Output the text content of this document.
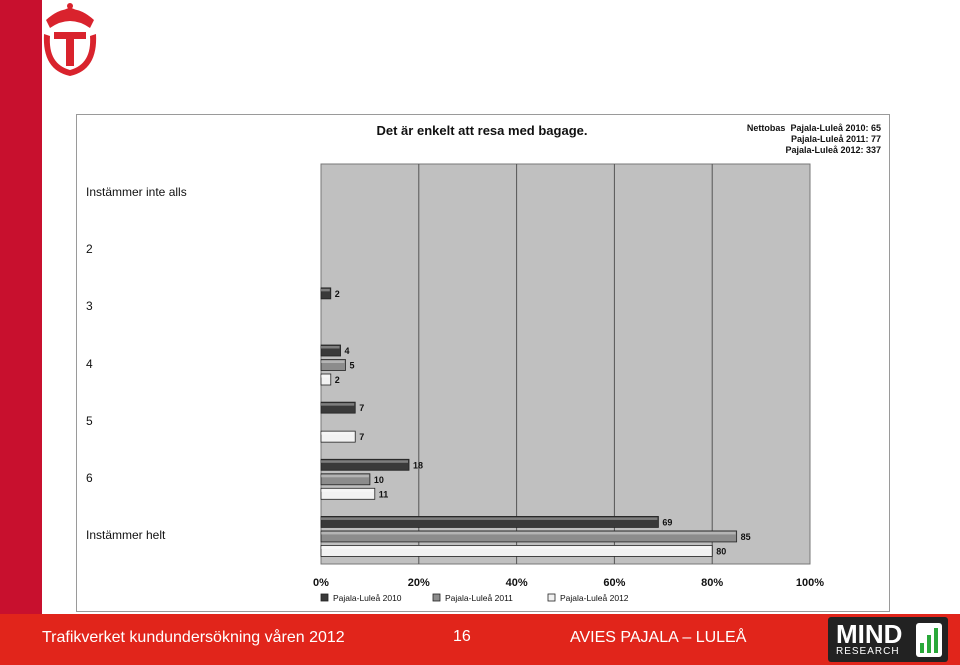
Det är enkelt att resa med bagage.	Nettobas Pajala-Luleå 2010: 65
Pajala-Luleå 2011: 77
Pajala-Luleå 2012: 337
Instämmer inte alls
2
3
4
5
6
Instämmer helt
0%	20%	40%	60%	80%	100%
2
4
5
2
7
7
18
10
11
69
85
80
Pajala-Luleå 2010	Pajala-Luleå 2011	Pajala-Luleå 2012
Trafikverket kundundersökning våren 2012	16	AVIES PAJALA – LULEÅ	MIND
RESEARCH
